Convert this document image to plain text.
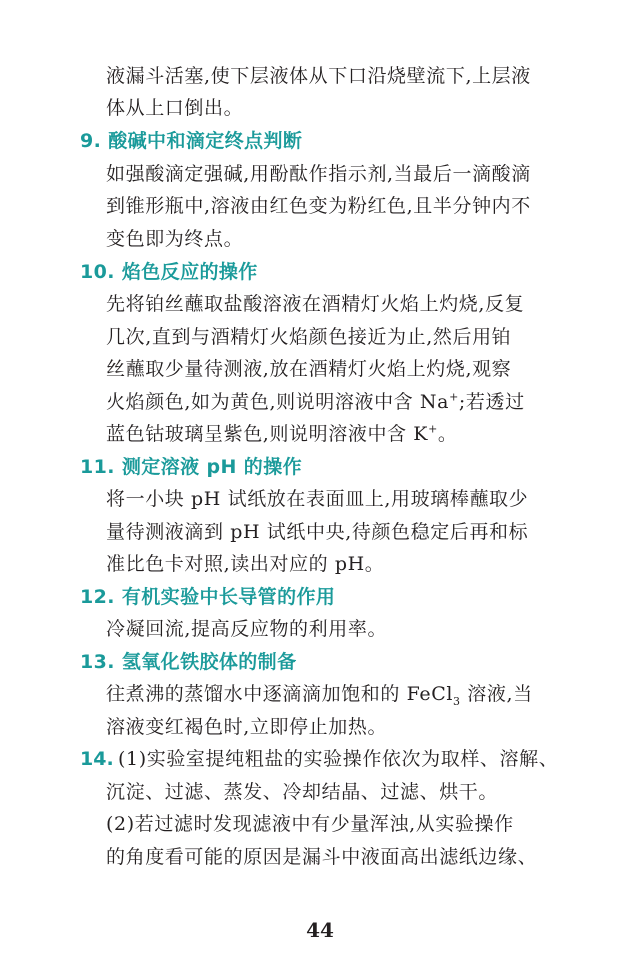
液漏斗活塞,使下层液体从下口沿烧壁流下,上层液
体从上口倒出。
9. 酸碱中和滴定终点判断
如强酸滴定强碱,用酚酞作指示剂,当最后一滴酸滴
到锥形瓶中,溶液由红色变为粉红色,且半分钟内不
变色即为终点。
10. 焰色反应的操作
先将铂丝蘸取盐酸溶液在酒精灯火焰上灼烧,反复
几次,直到与酒精灯火焰颜色接近为止,然后用铂
丝蘸取少量待测液,放在酒精灯火焰上灼烧,观察
火焰颜色,如为黄色,则说明溶液中含 Na+;若透过
蓝色钴玻璃呈紫色,则说明溶液中含 K+。
11. 测定溶液 pH 的操作
将一小块 pH 试纸放在表面皿上,用玻璃棒蘸取少
量待测液滴到 pH 试纸中央,待颜色稳定后再和标
准比色卡对照,读出对应的 pH。
12. 有机实验中长导管的作用
冷凝回流,提高反应物的利用率。
13. 氢氧化铁胶体的制备
往煮沸的蒸馏水中逐滴滴加饱和的 FeCl$_3$ 溶液,当
溶液变红褐色时,立即停止加热。
14. (1)实验室提纯粗盐的实验操作依次为取样、溶解、
沉淀、过滤、蒸发、冷却结晶、过滤、烘干。
(2)若过滤时发现滤液中有少量浑浊,从实验操作
的角度看可能的原因是漏斗中液面高出滤纸边缘、
44
